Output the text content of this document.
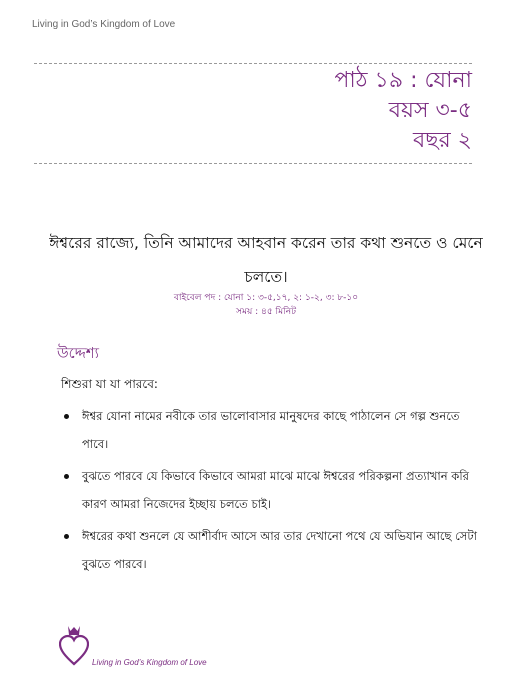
Living in God’s Kingdom of Love
পাঠ ১৯ : যোনা
বয়স ৩-৫
বছর ২
ঈশ্বরের রাজ্যে, তিনি আমাদের আহবান করেন তার কথা শুনতে ও মেনে চলতে।
বাইবেল পদ : যোনা ১: ৩-৫,১৭, ২: ১-২, ৩: ৮-১০
সময় : ৪৫ মিনিট
উদ্দেশ্য
শিশুরা যা যা পারবে:
ঈশ্বর যোনা নামের নবীকে তার ভালোবাসার মানুষদের কাছে পাঠালেন সে গল্প শুনতে পাবে।
বুঝতে পারবে যে কিভাবে কিভাবে আমরা মাঝে মাঝে ঈশ্বরের পরিকল্পনা প্রত্যাখান করি কারণ আমরা নিজেদের ইচ্ছায় চলতে চাই।
ঈশ্বরের কথা শুনলে যে আশীর্বাদ আসে আর তার দেখানো পথে যে অভিযান আছে সেটা বুঝতে পারবে।
Living in God’s Kingdom of Love
